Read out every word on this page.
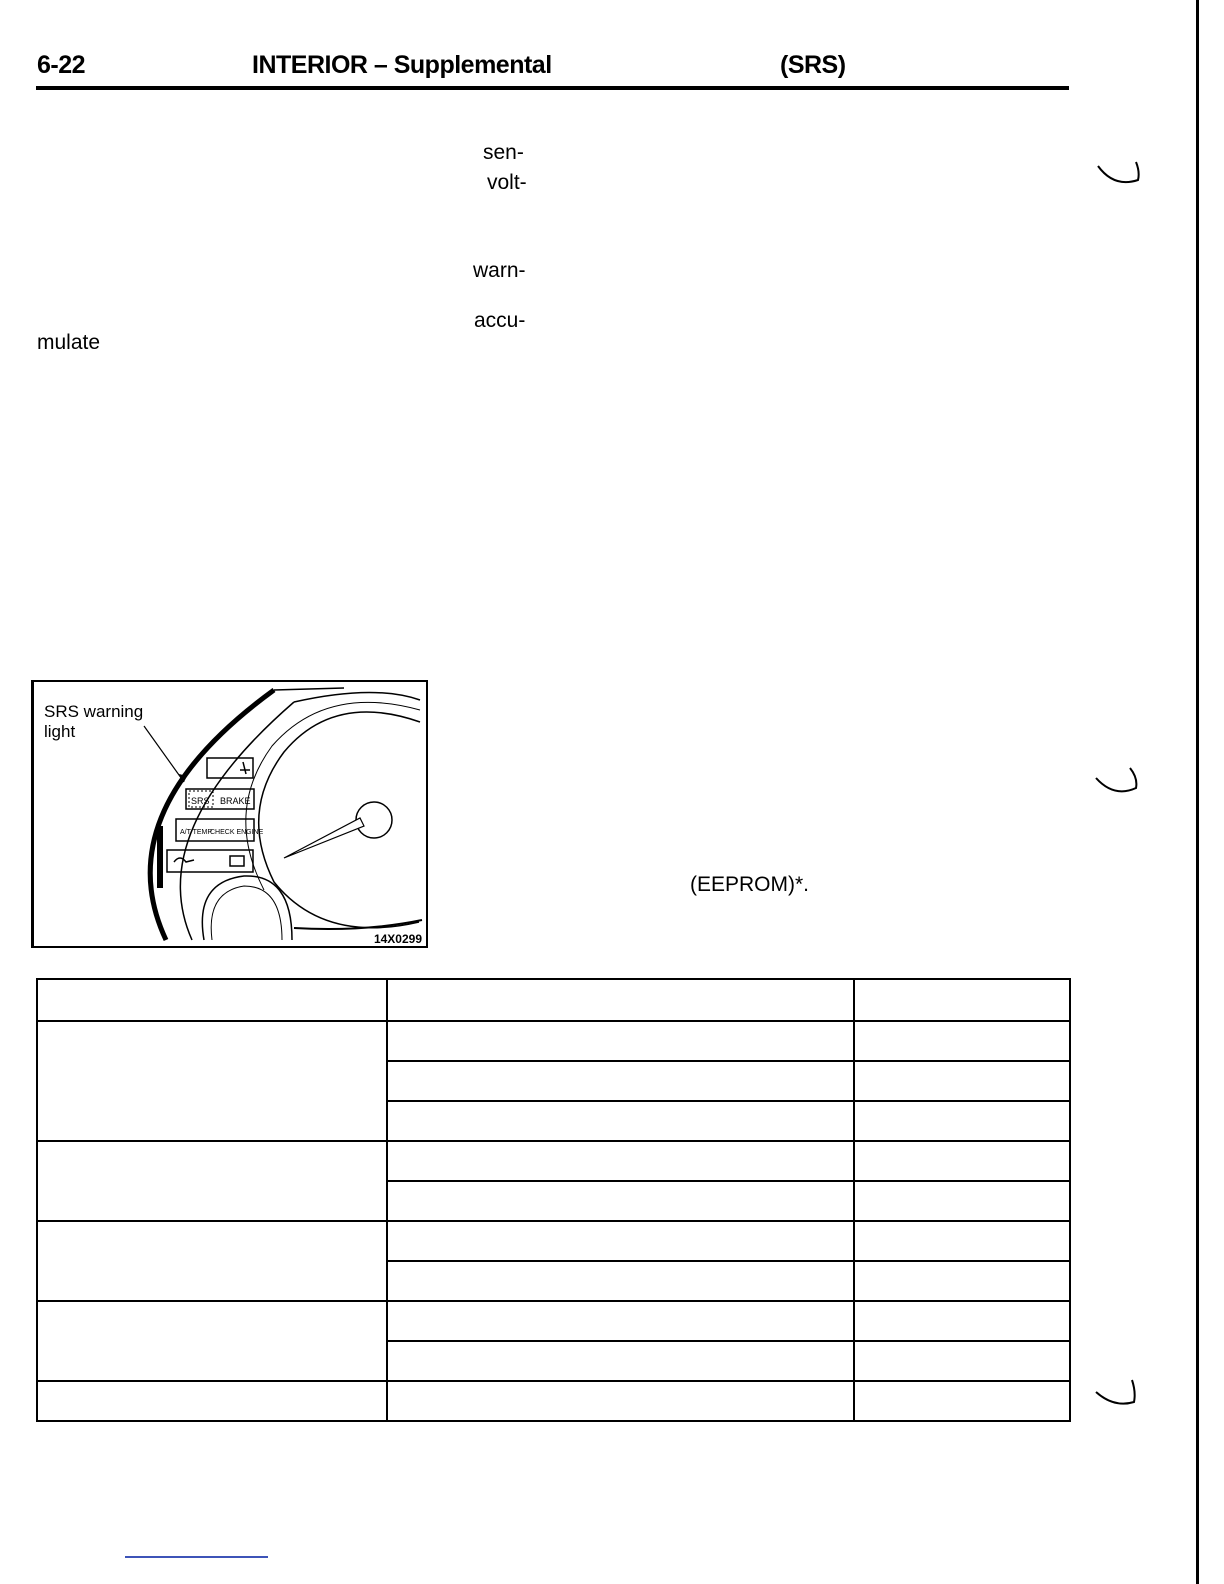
6-22	INTERIOR – Supplemental	(SRS)
sen-
volt-
warn-
accu-
mulate
(EEPROM)*.
SRS BRAKE
A/T TEMP
CHECK ENGINE
SRS warning light
14X0299
